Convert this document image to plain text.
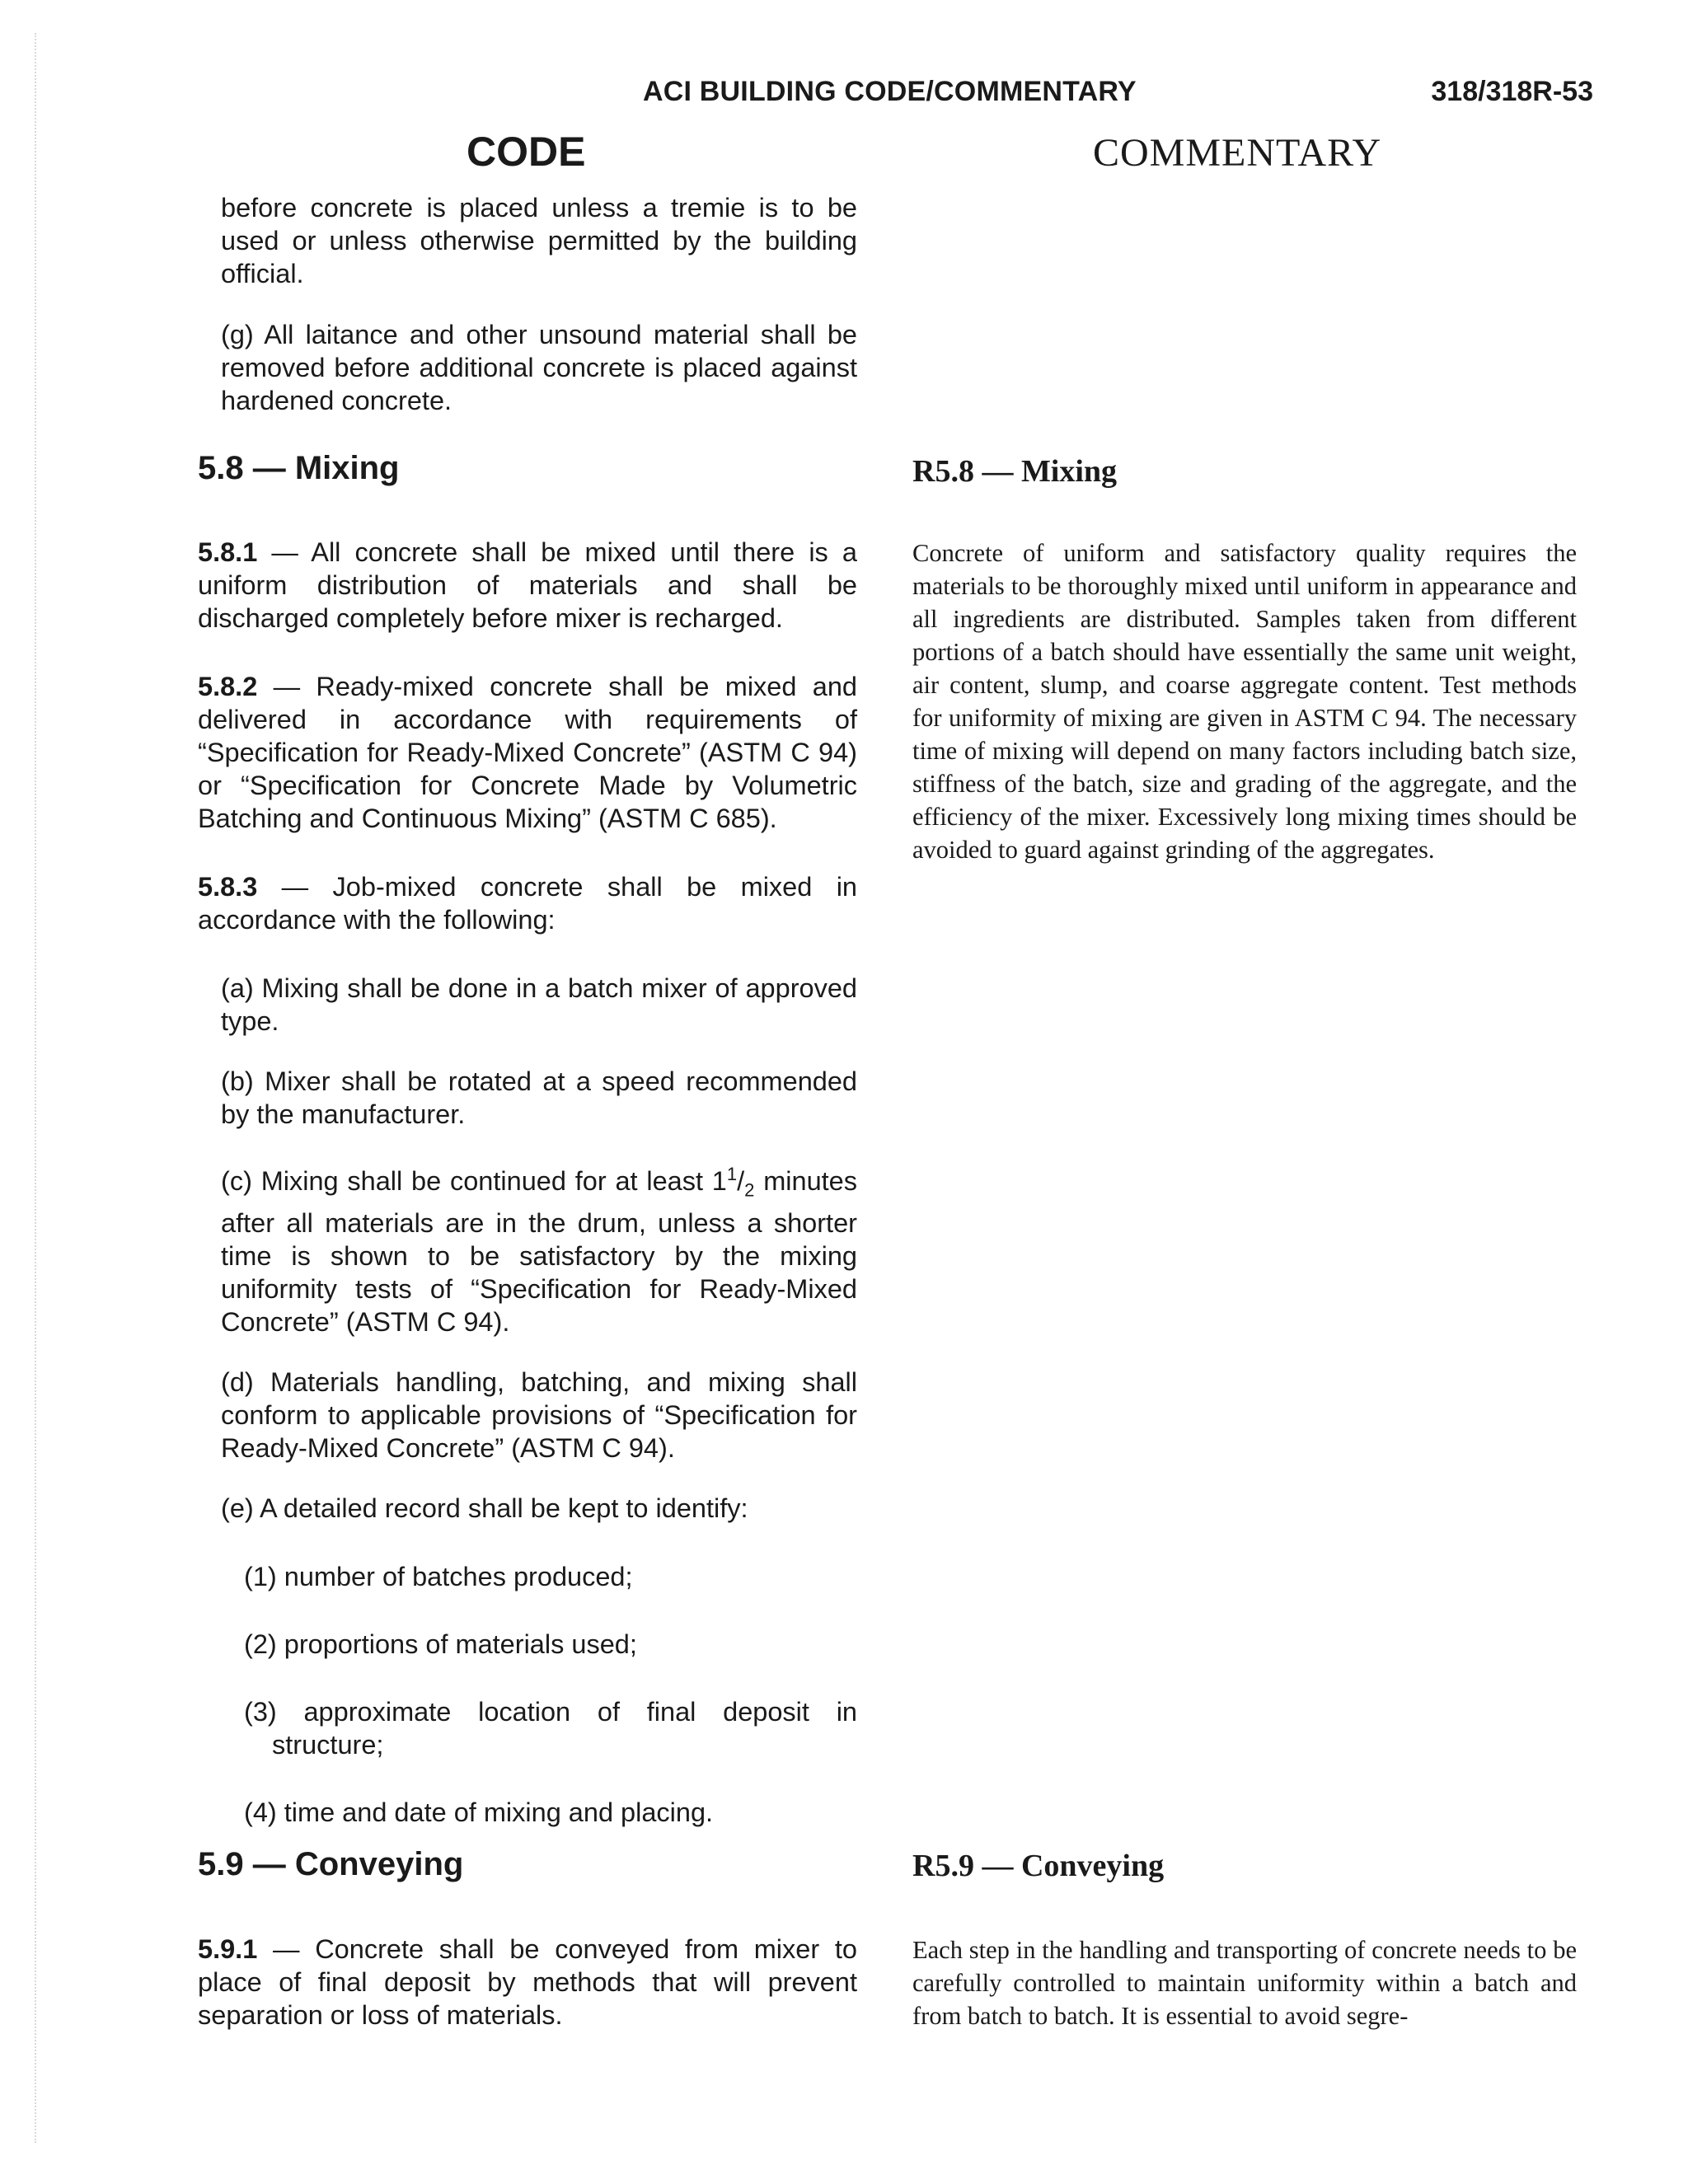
ACI BUILDING CODE/COMMENTARY	318/318R-53
CODE	COMMENTARY

before concrete is placed unless a tremie is to be used or unless otherwise permitted by the building official.

(g) All laitance and other unsound material shall be removed before additional concrete is placed against hardened concrete.

5.8 — Mixing	R5.8 — Mixing

5.8.1 — All concrete shall be mixed until there is a uniform distribution of materials and shall be discharged completely before mixer is recharged.

5.8.2 — Ready-mixed concrete shall be mixed and delivered in accordance with requirements of “Specification for Ready-Mixed Concrete” (ASTM C 94) or “Specification for Concrete Made by Volumetric Batching and Continuous Mixing” (ASTM C 685).

5.8.3 — Job-mixed concrete shall be mixed in accordance with the following:

(a) Mixing shall be done in a batch mixer of approved type.

(b) Mixer shall be rotated at a speed recommended by the manufacturer.

(c) Mixing shall be continued for at least $1^1/_2$ minutes after all materials are in the drum, unless a shorter time is shown to be satisfactory by the mixing uniformity tests of “Specification for Ready-Mixed Concrete” (ASTM C 94).

(d) Materials handling, batching, and mixing shall conform to applicable provisions of “Specification for Ready-Mixed Concrete” (ASTM C 94).

(e) A detailed record shall be kept to identify:

(1) number of batches produced;

(2) proportions of materials used;

(3) approximate location of final deposit in structure;

(4) time and date of mixing and placing.

5.9 — Conveying	R5.9 — Conveying

5.9.1 — Concrete shall be conveyed from mixer to place of final deposit by methods that will prevent separation or loss of materials.

Concrete of uniform and satisfactory quality requires the materials to be thoroughly mixed until uniform in appearance and all ingredients are distributed. Samples taken from different portions of a batch should have essentially the same unit weight, air content, slump, and coarse aggregate content. Test methods for uniformity of mixing are given in ASTM C 94. The necessary time of mixing will depend on many factors including batch size, stiffness of the batch, size and grading of the aggregate, and the efficiency of the mixer. Excessively long mixing times should be avoided to guard against grinding of the aggregates.

Each step in the handling and transporting of concrete needs to be carefully controlled to maintain uniformity within a batch and from batch to batch. It is essential to avoid segre-
